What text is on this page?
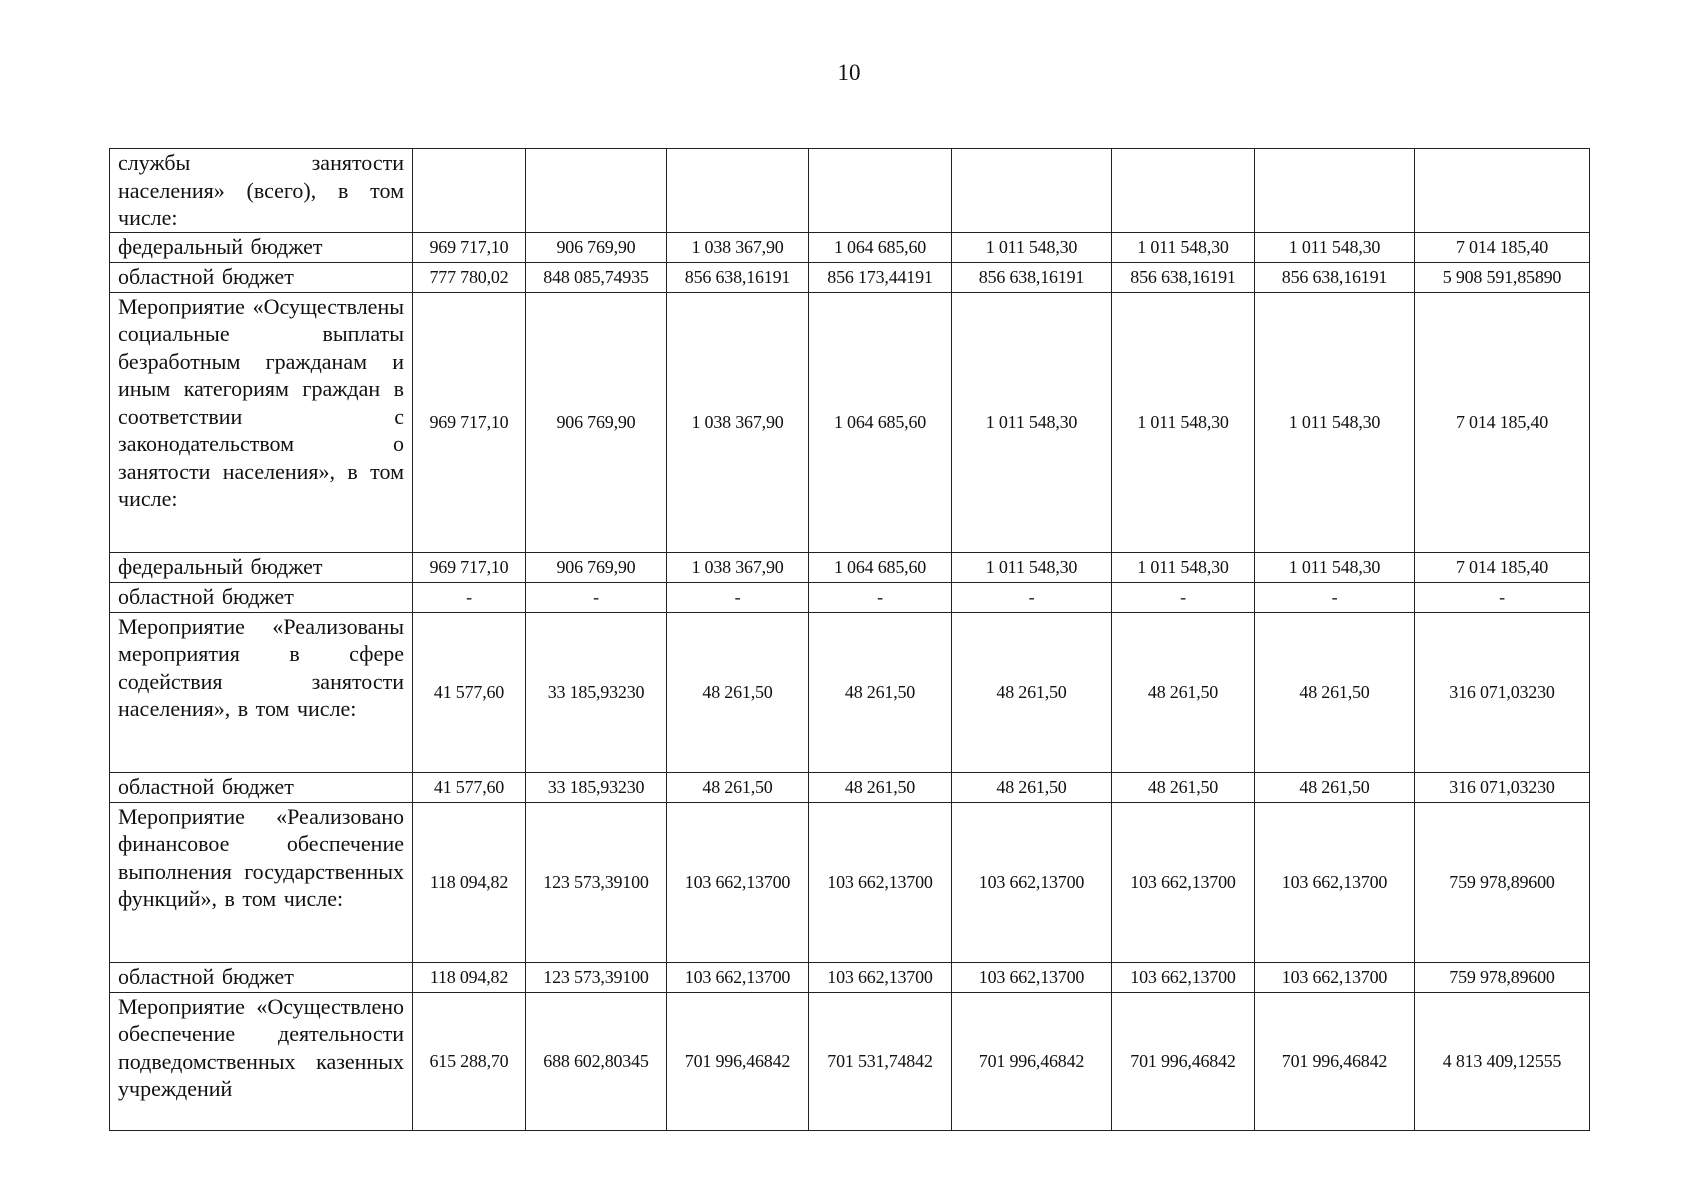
10
службы занятости населения» (всего), в том числе:								
федеральный бюджет	969 717,10	906 769,90	1 038 367,90	1 064 685,60	1 011 548,30	1 011 548,30	1 011 548,30	7 014 185,40
областной бюджет	777 780,02	848 085,74935	856 638,16191	856 173,44191	856 638,16191	856 638,16191	856 638,16191	5 908 591,85890
Мероприятие «Осуществлены социальные выплаты безработным гражданам и иным категориям граждан в соответствии с законодательством о занятости населения», в том числе:	969 717,10	906 769,90	1 038 367,90	1 064 685,60	1 011 548,30	1 011 548,30	1 011 548,30	7 014 185,40
федеральный бюджет	969 717,10	906 769,90	1 038 367,90	1 064 685,60	1 011 548,30	1 011 548,30	1 011 548,30	7 014 185,40
областной бюджет	-	-	-	-	-	-	-	-
Мероприятие «Реализованы мероприятия в сфере содействия занятости населения», в том числе:	41 577,60	33 185,93230	48 261,50	48 261,50	48 261,50	48 261,50	48 261,50	316 071,03230
областной бюджет	41 577,60	33 185,93230	48 261,50	48 261,50	48 261,50	48 261,50	48 261,50	316 071,03230
Мероприятие «Реализовано финансовое обеспечение выполнения государственных функций», в том числе:	118 094,82	123 573,39100	103 662,13700	103 662,13700	103 662,13700	103 662,13700	103 662,13700	759 978,89600
областной бюджет	118 094,82	123 573,39100	103 662,13700	103 662,13700	103 662,13700	103 662,13700	103 662,13700	759 978,89600
Мероприятие «Осуществлено обеспечение деятельности подведомственных казенных учреждений	615 288,70	688 602,80345	701 996,46842	701 531,74842	701 996,46842	701 996,46842	701 996,46842	4 813 409,12555
